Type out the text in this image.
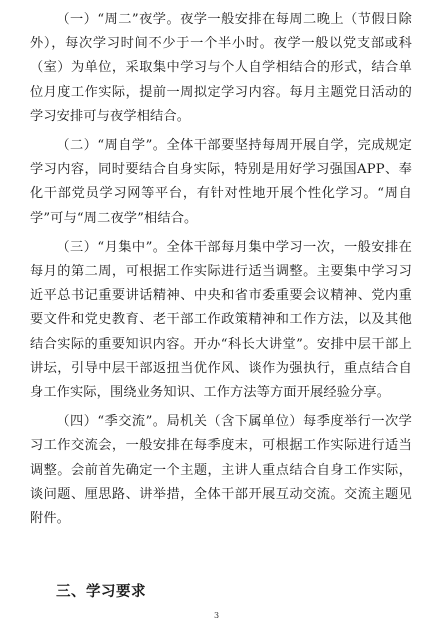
（一）“周二”夜学。夜学一般安排在每周二晚上（节假日除外），每次学习时间不少于一个半小时。夜学一般以党支部或科（室）为单位，采取集中学习与个人自学相结合的形式，结合单位月度工作实际，提前一周拟定学习内容。每月主题党日活动的学习安排可与夜学相结合。

（二）“周自学”。全体干部要坚持每周开展自学，完成规定学习内容，同时要结合自身实际，特别是用好学习强国APP、奉化干部党员学习网等平台，有针对性地开展个性化学习。“周自学”可与“周二夜学”相结合。

（三）“月集中”。全体干部每月集中学习一次，一般安排在每月的第二周，可根据工作实际进行适当调整。主要集中学习习近平总书记重要讲话精神、中央和省市委重要会议精神、党内重要文件和党史教育、老干部工作政策精神和工作方法，以及其他结合实际的重要知识内容。开办“科长大讲堂”。安排中层干部上讲坛，引导中层干部返扭当优作风、谈作为强执行，重点结合自身工作实际，围绕业务知识、工作方法等方面开展经验分享。

（四）“季交流”。局机关（含下属单位）每季度举行一次学习工作交流会，一般安排在每季度末，可根据工作实际进行适当调整。会前首先确定一个主题，主讲人重点结合自身工作实际，谈问题、厘思路、讲举措，全体干部开展互动交流。交流主题见附件。

三、学习要求
3
